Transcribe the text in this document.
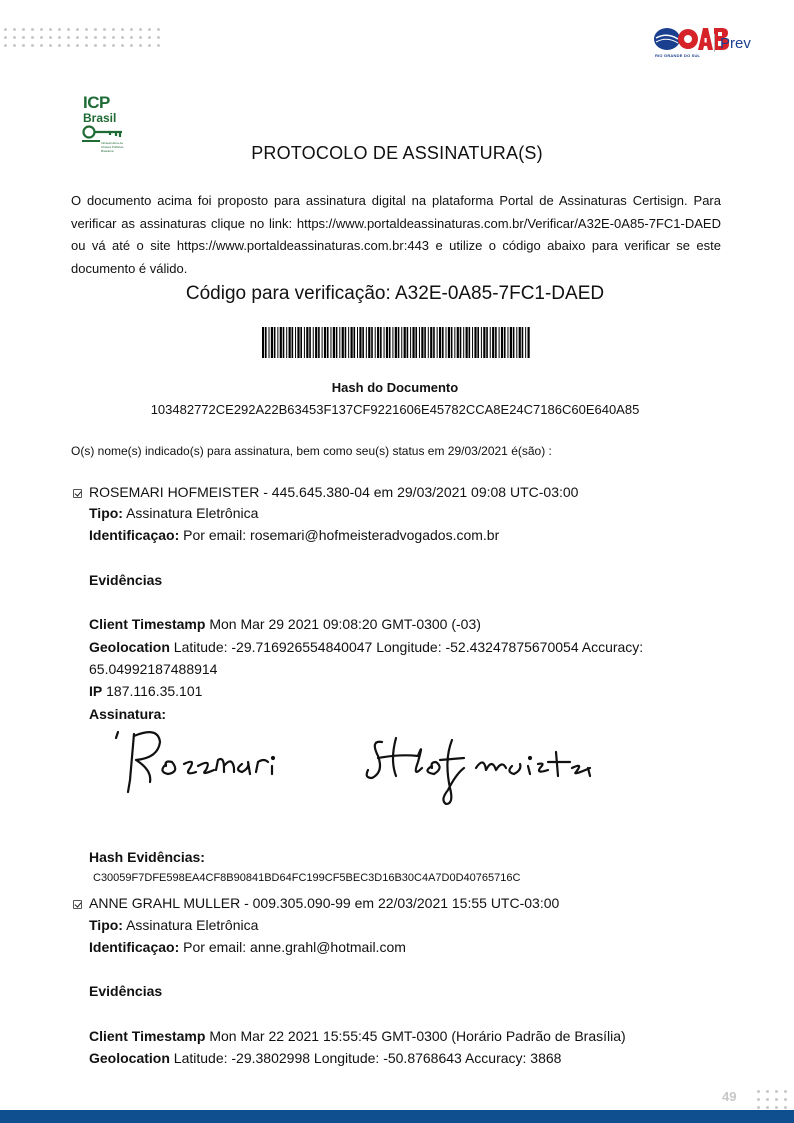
RIO GRANDE DO SUL
Prev
ICP
Brasil
Infraestrutura de Chaves Públicas Brasileira	PROTOCOLO DE ASSINATURA(S)
O documento acima foi proposto para assinatura digital na plataforma Portal de Assinaturas Certisign. Para verificar as assinaturas clique no link: https://www.portaldeassinaturas.com.br/Verificar/A32E-0A85-7FC1-DAED ou vá até o site https://www.portaldeassinaturas.com.br:443 e utilize o código abaixo para verificar se este documento é válido.
Código para verificação: A32E-0A85-7FC1-DAED
Hash do Documento
103482772CE292A22B63453F137CF9221606E45782CCA8E24C7186C60E640A85
O(s) nome(s) indicado(s) para assinatura, bem como seu(s) status em 29/03/2021 é(são) :
ROSEMARI HOFMEISTER - 445.645.380-04 em 29/03/2021 09:08 UTC-03:00
Tipo: Assinatura Eletrônica
Identificaçao: Por email: rosemari@hofmeisteradvogados.com.br
Evidências
Client Timestamp Mon Mar 29 2021 09:08:20 GMT-0300 (-03)
Geolocation Latitude: -29.716926554840047 Longitude: -52.43247875670054 Accuracy:
65.04992187488914
IP 187.116.35.101
Assinatura:
Hash Evidências:
C30059F7DFE598EA4CF8B90841BD64FC199CF5BEC3D16B30C4A7D0D40765716C
ANNE GRAHL MULLER - 009.305.090-99 em 22/03/2021 15:55 UTC-03:00
Tipo: Assinatura Eletrônica
Identificaçao: Por email: anne.grahl@hotmail.com
Evidências
Client Timestamp Mon Mar 22 2021 15:55:45 GMT-0300 (Horário Padrão de Brasília)
Geolocation Latitude: -29.3802998 Longitude: -50.8768643 Accuracy: 3868
49
